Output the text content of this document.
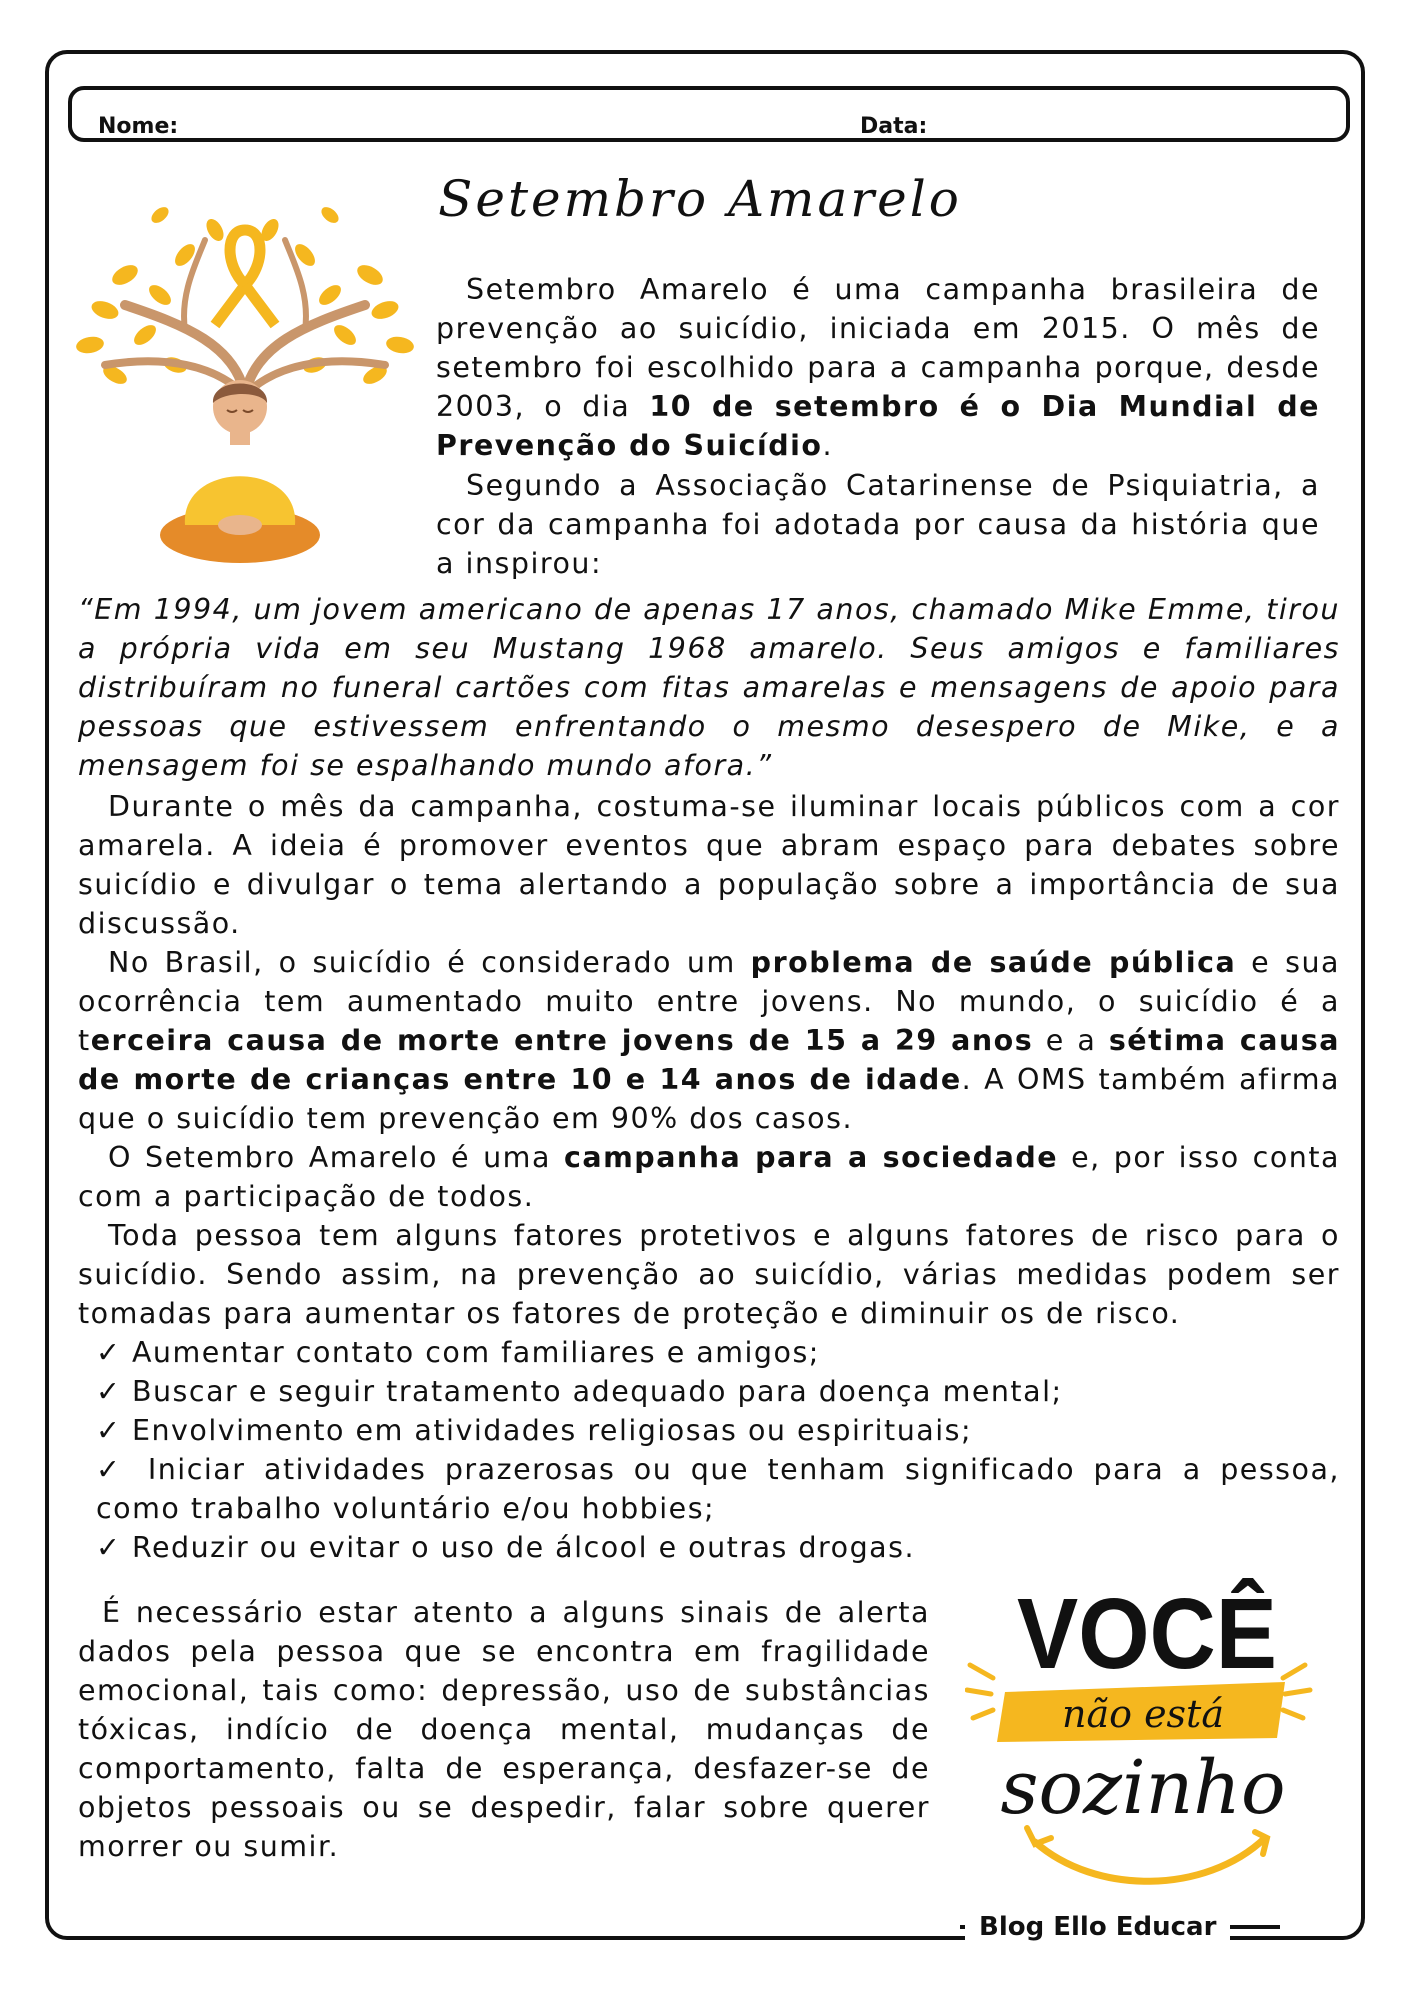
Nome:	Data:
Setembro Amarelo

Setembro Amarelo é uma campanha brasileira de prevenção ao suicídio, iniciada em 2015. O mês de setembro foi escolhido para a campanha porque, desde 2003, o dia 10 de setembro é o Dia Mundial de Prevenção do Suicídio.

Segundo a Associação Catarinense de Psiquiatria, a cor da campanha foi adotada por causa da história que a inspirou:

“Em 1994, um jovem americano de apenas 17 anos, chamado Mike Emme, tirou a própria vida em seu Mustang 1968 amarelo. Seus amigos e familiares distribuíram no funeral cartões com fitas amarelas e mensagens de apoio para pessoas que estivessem enfrentando o mesmo desespero de Mike, e a mensagem foi se espalhando mundo afora.”

Durante o mês da campanha, costuma-se iluminar locais públicos com a cor amarela. A ideia é promover eventos que abram espaço para debates sobre suicídio e divulgar o tema alertando a população sobre a importância de sua discussão.

No Brasil, o suicídio é considerado um problema de saúde pública e sua ocorrência tem aumentado muito entre jovens. No mundo, o suicídio é a terceira causa de morte entre jovens de 15 a 29 anos e a sétima causa de morte de crianças entre 10 e 14 anos de idade. A OMS também afirma que o suicídio tem prevenção em 90% dos casos.

O Setembro Amarelo é uma campanha para a sociedade e, por isso conta com a participação de todos.

Toda pessoa tem alguns fatores protetivos e alguns fatores de risco para o suicídio. Sendo assim, na prevenção ao suicídio, várias medidas podem ser tomadas para aumentar os fatores de proteção e diminuir os de risco.

✓ Aumentar contato com familiares e amigos;
✓ Buscar e seguir tratamento adequado para doença mental;
✓ Envolvimento em atividades religiosas ou espirituais;
✓ Iniciar atividades prazerosas ou que tenham significado para a pessoa, como trabalho voluntário e/ou hobbies;
✓ Reduzir ou evitar o uso de álcool e outras drogas.

É necessário estar atento a alguns sinais de alerta dados pela pessoa que se encontra em fragilidade emocional, tais como: depressão, uso de substâncias tóxicas, indício de doença mental, mudanças de comportamento, falta de esperança, desfazer-se de objetos pessoais ou se despedir, falar sobre querer morrer ou sumir.

VOCÊ
não está
sozinho
Blog Ello Educar
